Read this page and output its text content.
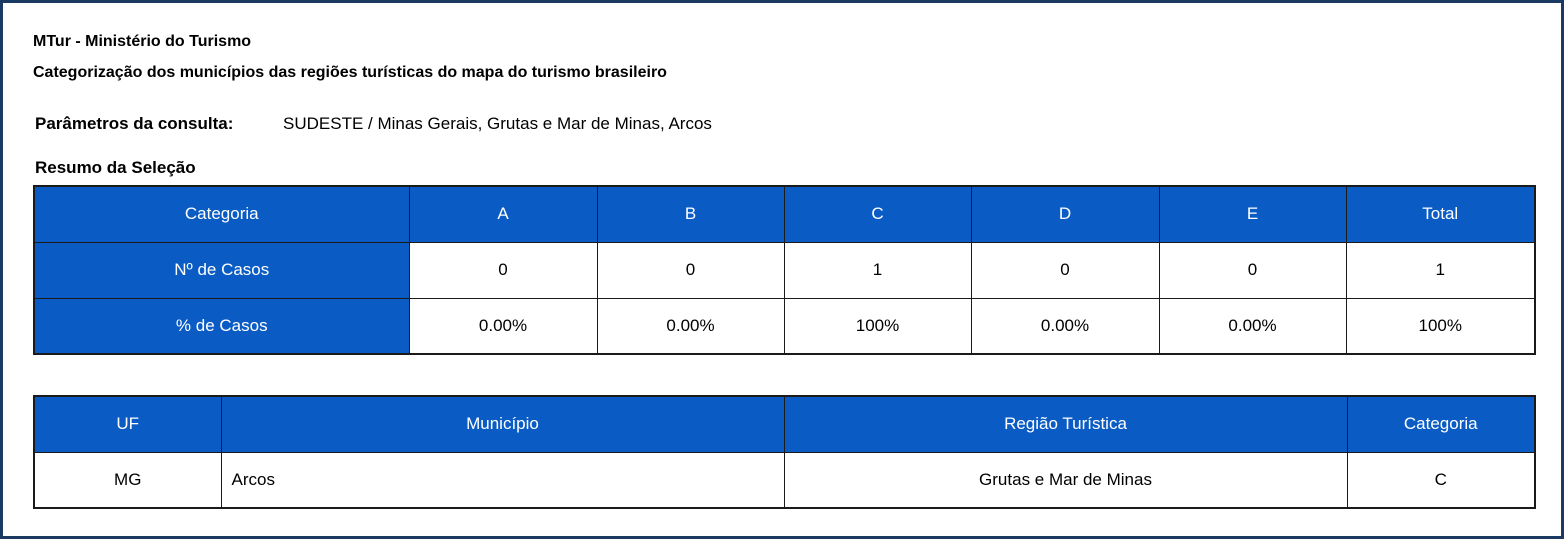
MTur - Ministério do Turismo
Categorização dos municípios das regiões turísticas do mapa do turismo brasileiro
Parâmetros da consulta:	SUDESTE / Minas Gerais, Grutas e Mar de Minas, Arcos
Resumo da Seleção
Categoria	A	B	C	D	E	Total
Nº de Casos	0	0	1	0	0	1
% de Casos	0.00%	0.00%	100%	0.00%	0.00%	100%
UF	Município	Região Turística	Categoria
MG	Arcos	Grutas e Mar de Minas	C
